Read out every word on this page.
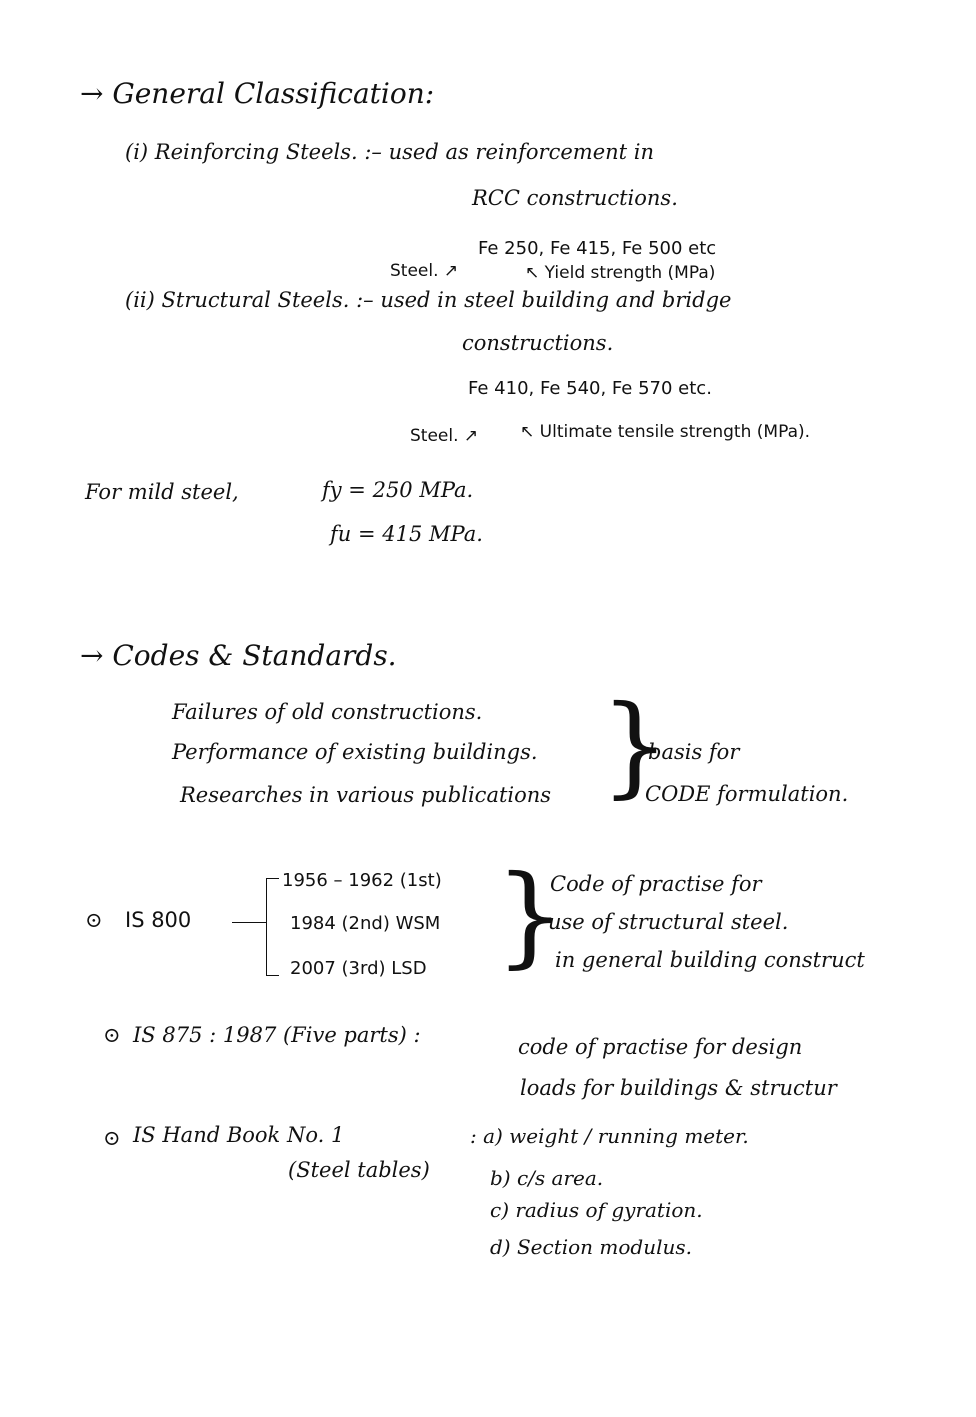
→ General Classification:
(i) Reinforcing Steels. :– used as reinforcement in
RCC constructions.
Fe 250, Fe 415, Fe 500 etc
Steel. ↗	↖ Yield strength (MPa)
(ii) Structural Steels. :– used in steel building and bridge
constructions.
Fe 410, Fe 540, Fe 570 etc.
Steel. ↗ ↖ Ultimate tensile strength (MPa).
For mild steel,	fy = 250 MPa.
fu = 415 MPa.
→ Codes & Standards.
Failures of old constructions.
Performance of existing buildings.
Researches in various publications }
basis for
CODE formulation.
⊙ IS 800
1956 – 1962 (1st)
1984 (2nd) WSM
2007 (3rd) LSD }
Code of practise for
use of structural steel.
in general building construct
⊙ IS 875 : 1987 (Five parts) :	code of practise for design
loads for buildings & structur
⊙ IS Hand Book No. 1
(Steel tables)
: a) weight / running meter.
b) c/s area.
c) radius of gyration.
d) Section modulus.
